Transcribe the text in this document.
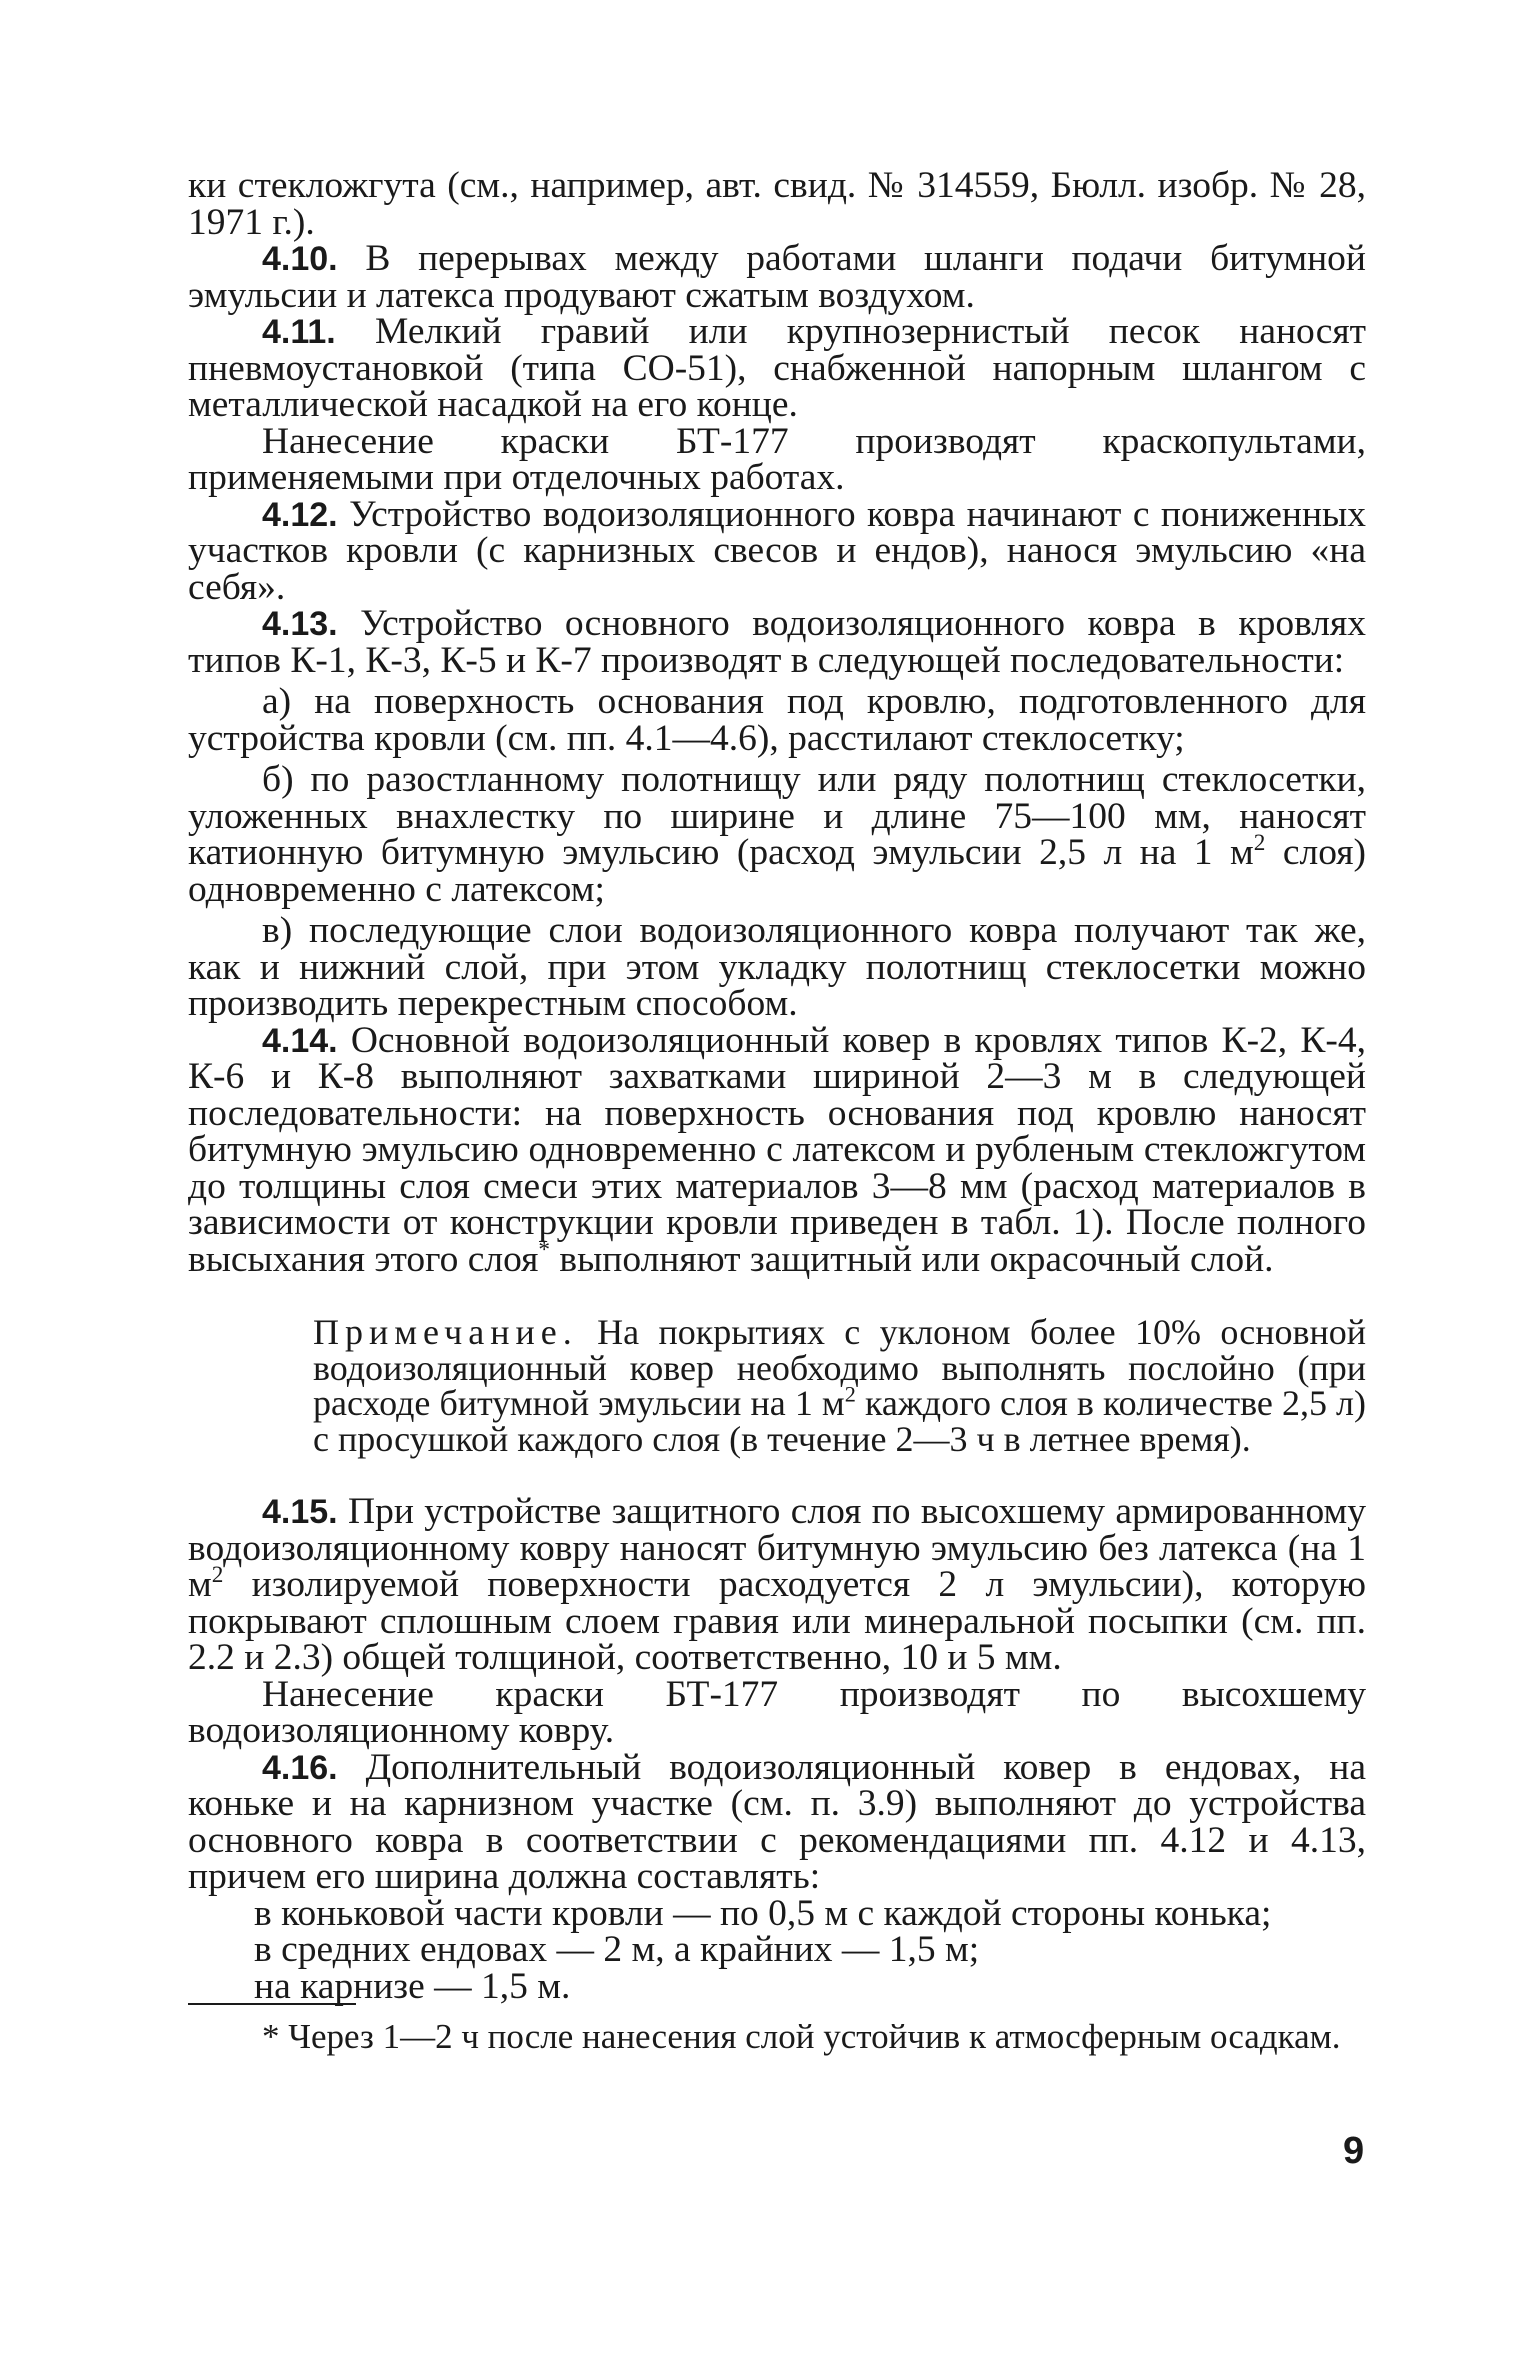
ки стекложгута (см., например, авт. свид. № 314559, Бюлл. изобр. № 28, 1971 г.).

4.10. В перерывах между работами шланги подачи битумной эмульсии и латекса продувают сжатым воздухом.

4.11. Мелкий гравий или крупнозернистый песок наносят пневмоустановкой (типа СО-51), снабженной напорным шлангом с металлической насадкой на его конце.

Нанесение краски БТ-177 производят краскопультами, применяемыми при отделочных работах.

4.12. Устройство водоизоляционного ковра начинают с пониженных участков кровли (с карнизных свесов и ендов), нанося эмульсию «на себя».

4.13. Устройство основного водоизоляционного ковра в кровлях типов К-1, К-3, К-5 и К-7 производят в следующей последовательности:

а) на поверхность основания под кровлю, подготовленного для устройства кровли (см. пп. 4.1—4.6), расстилают стеклосетку;

б) по разостланному полотнищу или ряду полотнищ стеклосетки, уложенных внахлестку по ширине и длине 75—100 мм, наносят катионную битумную эмульсию (расход эмульсии 2,5 л на 1 $м^2$ слоя) одновременно с латексом;

в) последующие слои водоизоляционного ковра получают так же, как и нижний слой, при этом укладку полотнищ стеклосетки можно производить перекрестным способом.

4.14. Основной водоизоляционный ковер в кровлях типов К-2, К-4, К-6 и К-8 выполняют захватками шириной 2—3 м в следующей последовательности: на поверхность основания под кровлю наносят битумную эмульсию одновременно с латексом и рубленым стекложгутом до толщины слоя смеси этих материалов 3—8 мм (расход материалов в зависимости от конструкции кровли приведен в табл. 1). После полного высыхания этого слоя* выполняют защитный или окрасочный слой.

Примечание. На покрытиях с уклоном более 10% основной водоизоляционный ковер необходимо выполнять послойно (при расходе битумной эмульсии на 1 $м^2$ каждого слоя в количестве 2,5 л) с просушкой каждого слоя (в течение 2—3 ч в летнее время).

4.15. При устройстве защитного слоя по высохшему армированному водоизоляционному ковру наносят битумную эмульсию без латекса (на 1 $м^2$ изолируемой поверхности расходуется 2 л эмульсии), которую покрывают сплошным слоем гравия или минеральной посыпки (см. пп. 2.2 и 2.3) общей толщиной, соответственно, 10 и 5 мм.

Нанесение краски БТ-177 производят по высохшему водоизоляционному ковру.

4.16. Дополнительный водоизоляционный ковер в ендовах, на коньке и на карнизном участке (см. п. 3.9) выполняют до устройства основного ковра в соответствии с рекомендациями пп. 4.12 и 4.13, причем его ширина должна составлять:

в коньковой части кровли — по 0,5 м с каждой стороны конька;

в средних ендовах — 2 м, а крайних — 1,5 м;

на карнизе — 1,5 м.

* Через 1—2 ч после нанесения слой устойчив к атмосферным осадкам.

9
